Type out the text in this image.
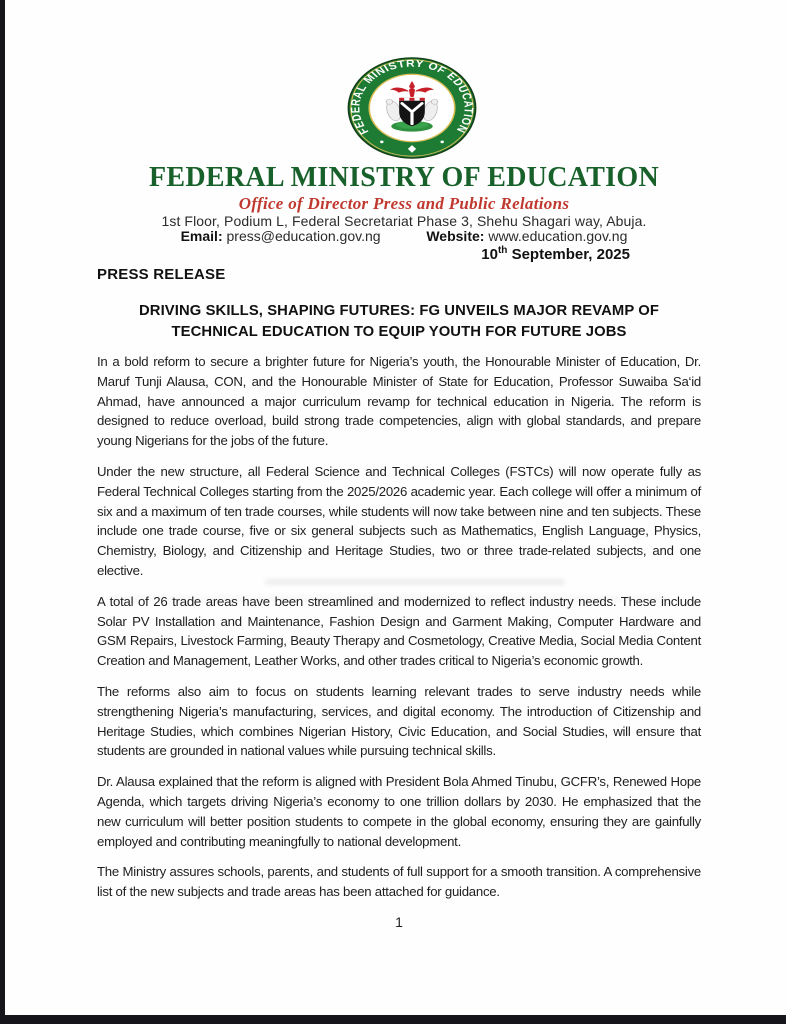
FEDERAL MINISTRY OF EDUCATION
FEDERAL MINISTRY OF EDUCATION
Office of Director Press and Public Relations
1st Floor, Podium L, Federal Secretariat Phase 3, Shehu Shagari way, Abuja.
Email: press@education.gov.ng	Website: www.education.gov.ng
10th September, 2025
PRESS RELEASE
DRIVING SKILLS, SHAPING FUTURES: FG UNVEILS MAJOR REVAMP OF TECHNICAL EDUCATION TO EQUIP YOUTH FOR FUTURE JOBS

In a bold reform to secure a brighter future for Nigeria’s youth, the Honourable Minister of Education, Dr. Maruf Tunji Alausa, CON, and the Honourable Minister of State for Education, Professor Suwaiba Sa‘id Ahmad, have announced a major curriculum revamp for technical education in Nigeria. The reform is designed to reduce overload, build strong trade competencies, align with global standards, and prepare young Nigerians for the jobs of the future.

Under the new structure, all Federal Science and Technical Colleges (FSTCs) will now operate fully as Federal Technical Colleges starting from the 2025/2026 academic year. Each college will offer a minimum of six and a maximum of ten trade courses, while students will now take between nine and ten subjects. These include one trade course, five or six general subjects such as Mathematics, English Language, Physics, Chemistry, Biology, and Citizenship and Heritage Studies, two or three trade-related subjects, and one elective.

A total of 26 trade areas have been streamlined and modernized to reflect industry needs. These include Solar PV Installation and Maintenance, Fashion Design and Garment Making, Computer Hardware and GSM Repairs, Livestock Farming, Beauty Therapy and Cosmetology, Creative Media, Social Media Content Creation and Management, Leather Works, and other trades critical to Nigeria’s economic growth.

The reforms also aim to focus on students learning relevant trades to serve industry needs while strengthening Nigeria’s manufacturing, services, and digital economy. The introduction of Citizenship and Heritage Studies, which combines Nigerian History, Civic Education, and Social Studies, will ensure that students are grounded in national values while pursuing technical skills.

Dr. Alausa explained that the reform is aligned with President Bola Ahmed Tinubu, GCFR’s, Renewed Hope Agenda, which targets driving Nigeria’s economy to one trillion dollars by 2030. He emphasized that the new curriculum will better position students to compete in the global economy, ensuring they are gainfully employed and contributing meaningfully to national development.

The Ministry assures schools, parents, and students of full support for a smooth transition. A comprehensive list of the new subjects and trade areas has been attached for guidance.

1
